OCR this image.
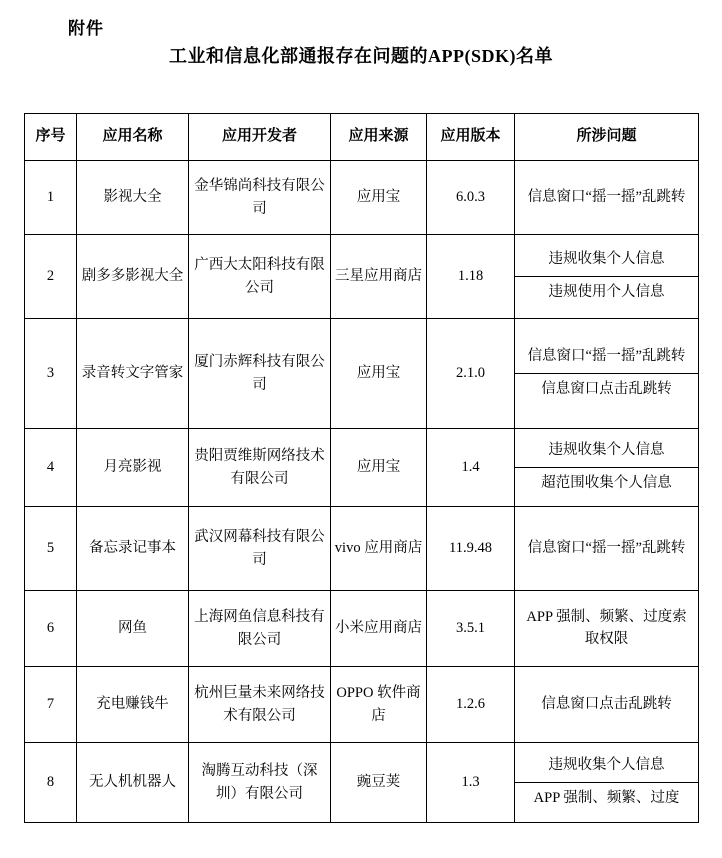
附件
工业和信息化部通报存在问题的APP(SDK)名单
序号	应用名称	应用开发者	应用来源	应用版本	所涉问题
1	影视大全	金华锦尚科技有限公司	应用宝	6.0.3	信息窗口“摇一摇”乱跳转

2	剧多多影视大全	广西大太阳科技有限公司	三星应用商店	1.18	违规收集个人信息
违规使用个人信息

3	录音转文字管家	厦门赤辉科技有限公司	应用宝	2.1.0	信息窗口“摇一摇”乱跳转
信息窗口点击乱跳转

4	月亮影视	贵阳贾维斯网络技术有限公司	应用宝	1.4	违规收集个人信息
超范围收集个人信息

5	备忘录记事本	武汉网幕科技有限公司	vivo 应用商店	11.9.48	信息窗口“摇一摇”乱跳转

6	网鱼	上海网鱼信息科技有限公司	小米应用商店	3.5.1	APP 强制、频繁、过度索取权限

7	充电赚钱牛	杭州巨量未来网络技术有限公司	OPPO 软件商店	1.2.6	信息窗口点击乱跳转

8	无人机机器人	淘腾互动科技（深圳）有限公司	豌豆荚	1.3	违规收集个人信息
APP 强制、频繁、过度
